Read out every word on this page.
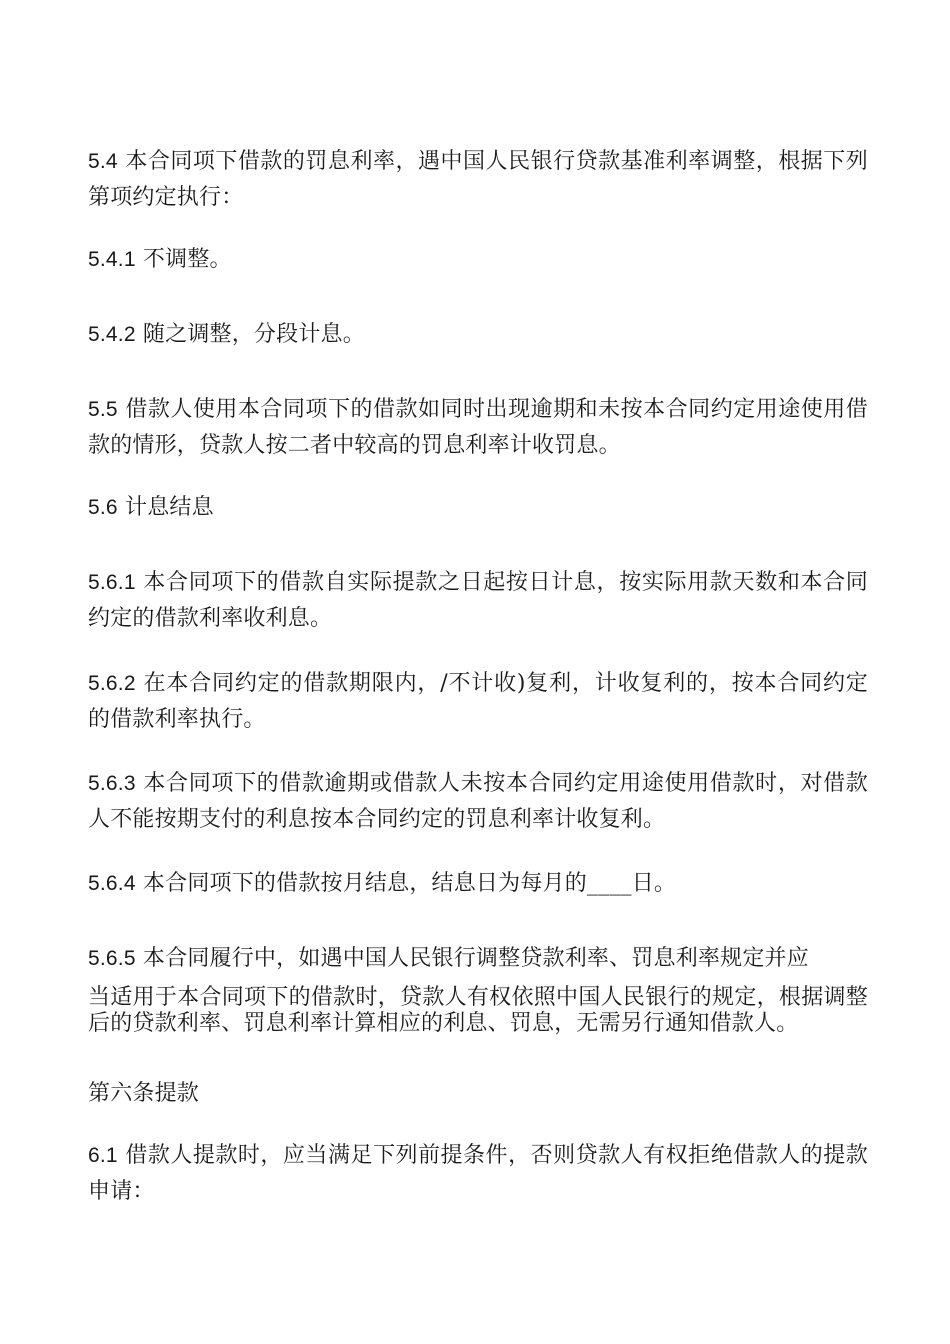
5.4 本合同项下借款的罚息利率，遇中国人民银行贷款基准利率调整，根据下列第项约定执行：

5.4.1 不调整。

5.4.2 随之调整，分段计息。

5.5 借款人使用本合同项下的借款如同时出现逾期和未按本合同约定用途使用借款的情形，贷款人按二者中较高的罚息利率计收罚息。

5.6 计息结息

5.6.1 本合同项下的借款自实际提款之日起按日计息，按实际用款天数和本合同约定的借款利率收利息。

5.6.2 在本合同约定的借款期限内，/不计收)复利，计收复利的，按本合同约定的借款利率执行。

5.6.3 本合同项下的借款逾期或借款人未按本合同约定用途使用借款时，对借款人不能按期支付的利息按本合同约定的罚息利率计收复利。

5.6.4 本合同项下的借款按月结息，结息日为每月的____日。

5.6.5 本合同履行中，如遇中国人民银行调整贷款利率、罚息利率规定并应

当适用于本合同项下的借款时，贷款人有权依照中国人民银行的规定，根据调整后的贷款利率、罚息利率计算相应的利息、罚息，无需另行通知借款人。

第六条提款

6.1 借款人提款时，应当满足下列前提条件，否则贷款人有权拒绝借款人的提款申请：
